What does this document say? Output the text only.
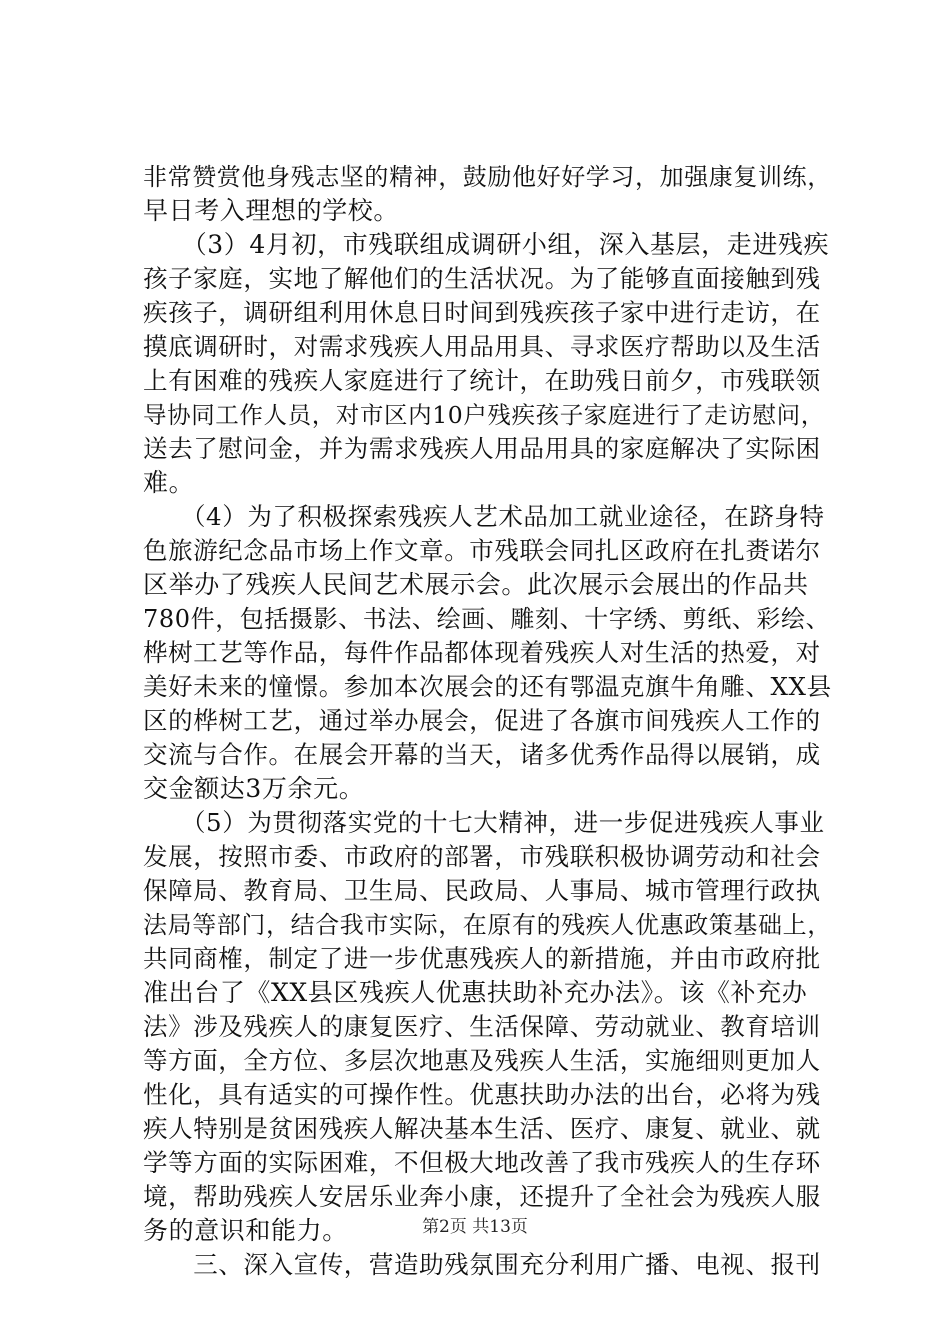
非常赞赏他身残志坚的精神，鼓励他好好学习，加强康复训练，
早日考入理想的学校。
　　（3）4月初，市残联组成调研小组，深入基层，走进残疾
孩子家庭，实地了解他们的生活状况。为了能够直面接触到残
疾孩子，调研组利用休息日时间到残疾孩子家中进行走访，在
摸底调研时，对需求残疾人用品用具、寻求医疗帮助以及生活
上有困难的残疾人家庭进行了统计，在助残日前夕，市残联领
导协同工作人员，对市区内10户残疾孩子家庭进行了走访慰问，
送去了慰问金，并为需求残疾人用品用具的家庭解决了实际困
难。
　　（4）为了积极探索残疾人艺术品加工就业途径，在跻身特
色旅游纪念品市场上作文章。市残联会同扎区政府在扎赉诺尔
区举办了残疾人民间艺术展示会。此次展示会展出的作品共
780件，包括摄影、书法、绘画、雕刻、十字绣、剪纸、彩绘、
桦树工艺等作品，每件作品都体现着残疾人对生活的热爱，对
美好未来的憧憬。参加本次展会的还有鄂温克旗牛角雕、XX县
区的桦树工艺，通过举办展会，促进了各旗市间残疾人工作的
交流与合作。在展会开幕的当天，诸多优秀作品得以展销，成
交金额达3万余元。
　　（5）为贯彻落实党的十七大精神，进一步促进残疾人事业
发展，按照市委、市政府的部署，市残联积极协调劳动和社会
保障局、教育局、卫生局、民政局、人事局、城市管理行政执
法局等部门，结合我市实际，在原有的残疾人优惠政策基础上，
共同商榷，制定了进一步优惠残疾人的新措施，并由市政府批
准出台了《XX县区残疾人优惠扶助补充办法》。该《补充办
法》涉及残疾人的康复医疗、生活保障、劳动就业、教育培训
等方面，全方位、多层次地惠及残疾人生活，实施细则更加人
性化，具有适实的可操作性。优惠扶助办法的出台，必将为残
疾人特别是贫困残疾人解决基本生活、医疗、康复、就业、就
学等方面的实际困难，不但极大地改善了我市残疾人的生存环
境，帮助残疾人安居乐业奔小康，还提升了全社会为残疾人服
务的意识和能力。
　　三、深入宣传，营造助残氛围充分利用广播、电视、报刊
第2页 共13页
